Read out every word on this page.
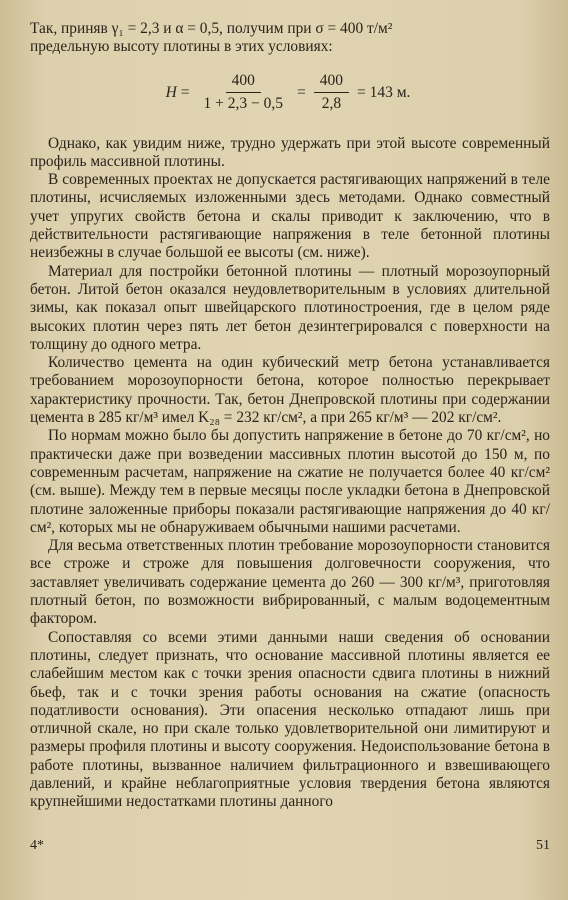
Так, приняв γ₁ = 2,3 и α = 0,5, получим при σ = 400 т/м²

предельную высоту плотины в этих условиях:

$H = \frac{400}{1 + 2,3 - 0,5} = \frac{400}{2,8} = 143$ м.

Однако, как увидим ниже, трудно удержать при этой высоте современный профиль массивной плотины.

В современных проектах не допускается растягивающих напряжений в теле плотины, исчисляемых изложенными здесь методами. Однако совместный учет упругих свойств бетона и скалы приводит к заключению, что в действительности растягивающие напряжения в теле бетонной плотины неизбежны в случае большой ее высоты (см. ниже).

Материал для постройки бетонной плотины — плотный морозоупорный бетон. Литой бетон оказался неудовлетворительным в условиях длительной зимы, как показал опыт швейцарского плотиностроения, где в целом ряде высоких плотин через пять лет бетон дезинтегрировался с поверхности на толщину до одного метра.

Количество цемента на один кубический метр бетона устанавливается требованием морозоупорности бетона, которое полностью перекрывает характеристику прочности. Так, бетон Днепровской плотины при содержании цемента в 285 кг/м³ имел K₂₈ = 232 кг/см², а при 265 кг/м³ — 202 кг/см².

По нормам можно было бы допустить напряжение в бетоне до 70 кг/см², но практически даже при возведении массивных плотин высотой до 150 м, по современным расчетам, напряжение на сжатие не получается более 40 кг/см² (см. выше). Между тем в первые месяцы после укладки бетона в Днепровской плотине заложенные приборы показали растягивающие напряжения до 40 кг/см², которых мы не обнаруживаем обычными нашими расчетами.

Для весьма ответственных плотин требование морозоупорности становится все строже и строже для повышения долговечности сооружения, что заставляет увеличивать содержание цемента до 260 — 300 кг/м³, приготовляя плотный бетон, по возможности вибрированный, с малым водоцементным фактором.

Сопоставляя со всеми этими данными наши сведения об основании плотины, следует признать, что основание массивной плотины является ее слабейшим местом как с точки зрения опасности сдвига плотины в нижний бьеф, так и с точки зрения работы основания на сжатие (опасность податливости основания). Эти опасения несколько отпадают лишь при отличной скале, но при скале только удовлетворительной они лимитируют и размеры профиля плотины и высоту сооружения. Недоиспользование бетона в работе плотины, вызванное наличием фильтрационного и взвешивающего давлений, и крайне неблагоприятные условия твердения бетона являются крупнейшими недостатками плотины данного

4*	51
